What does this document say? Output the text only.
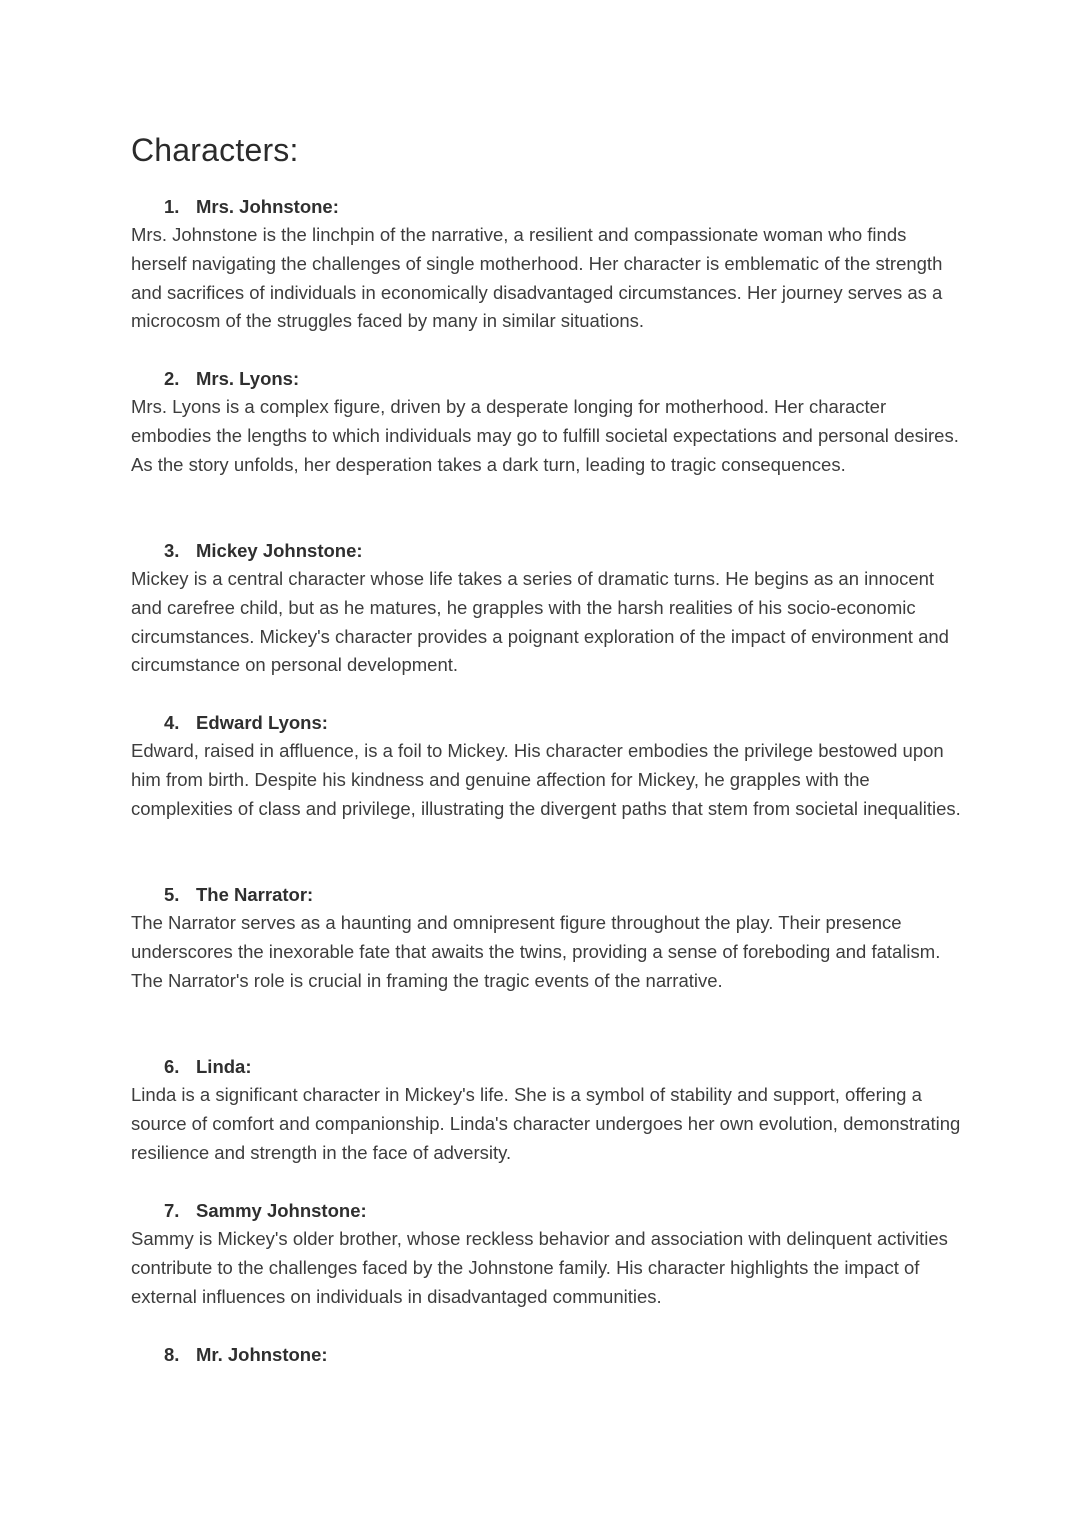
Characters:

1. Mrs. Johnstone:

Mrs. Johnstone is the linchpin of the narrative, a resilient and compassionate woman who finds herself navigating the challenges of single motherhood. Her character is emblematic of the strength and sacrifices of individuals in economically disadvantaged circumstances. Her journey serves as a microcosm of the struggles faced by many in similar situations.

2. Mrs. Lyons:

Mrs. Lyons is a complex figure, driven by a desperate longing for motherhood. Her character embodies the lengths to which individuals may go to fulfill societal expectations and personal desires. As the story unfolds, her desperation takes a dark turn, leading to tragic consequences.

3. Mickey Johnstone:

Mickey is a central character whose life takes a series of dramatic turns. He begins as an innocent and carefree child, but as he matures, he grapples with the harsh realities of his socio-economic circumstances. Mickey's character provides a poignant exploration of the impact of environment and circumstance on personal development.

4. Edward Lyons:

Edward, raised in affluence, is a foil to Mickey. His character embodies the privilege bestowed upon him from birth. Despite his kindness and genuine affection for Mickey, he grapples with the complexities of class and privilege, illustrating the divergent paths that stem from societal inequalities.

5. The Narrator:

The Narrator serves as a haunting and omnipresent figure throughout the play. Their presence underscores the inexorable fate that awaits the twins, providing a sense of foreboding and fatalism. The Narrator's role is crucial in framing the tragic events of the narrative.

6. Linda:

Linda is a significant character in Mickey's life. She is a symbol of stability and support, offering a source of comfort and companionship. Linda's character undergoes her own evolution, demonstrating resilience and strength in the face of adversity.

7. Sammy Johnstone:

Sammy is Mickey's older brother, whose reckless behavior and association with delinquent activities contribute to the challenges faced by the Johnstone family. His character highlights the impact of external influences on individuals in disadvantaged communities.

8. Mr. Johnstone:
